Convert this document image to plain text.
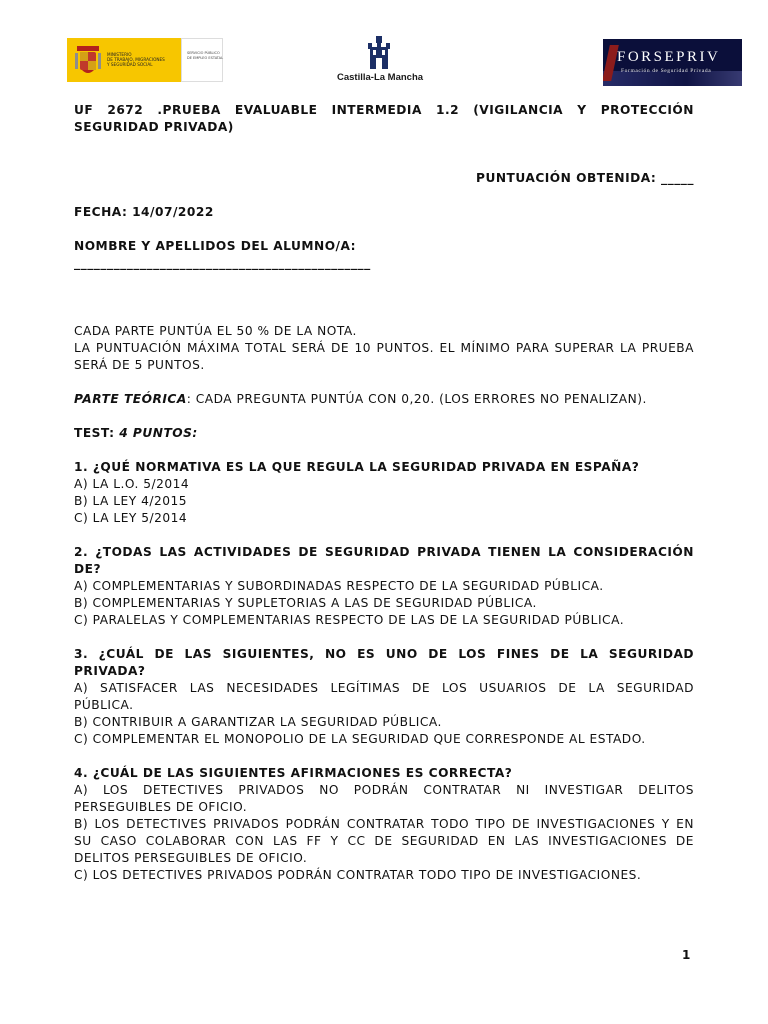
MINISTERIO
DE TRABAJO, MIGRACIONES
Y SEGURIDAD SOCIAL
SERVICIO PÚBLICO
DE EMPLEO ESTATAL
Castilla-La Mancha
FORSEPRIV
Formación de Seguridad Privada

UF 2672 .PRUEBA EVALUABLE INTERMEDIA 1.2 (VIGILANCIA Y PROTECCIÓN

SEGURIDAD PRIVADA)

PUNTUACIÓN OBTENIDA: _____

FECHA: 14/07/2022

NOMBRE Y APELLIDOS DEL ALUMNO/A:

_____________________________________________

CADA PARTE PUNTÚA EL 50 % DE LA NOTA.

LA PUNTUACIÓN MÁXIMA TOTAL SERÁ DE 10 PUNTOS. EL MÍNIMO PARA SUPERAR LA PRUEBA

SERÁ DE 5 PUNTOS.

PARTE TEÓRICA: CADA PREGUNTA PUNTÚA CON 0,20. (LOS ERRORES NO PENALIZAN).

TEST: 4 PUNTOS:

1. ¿QUÉ NORMATIVA ES LA QUE REGULA LA SEGURIDAD PRIVADA EN ESPAÑA?

A) LA L.O. 5/2014

B) LA LEY 4/2015

C) LA LEY 5/2014

2. ¿TODAS LAS ACTIVIDADES DE SEGURIDAD PRIVADA TIENEN LA CONSIDERACIÓN

DE?

A) COMPLEMENTARIAS Y SUBORDINADAS RESPECTO DE LA SEGURIDAD PÚBLICA.

B) COMPLEMENTARIAS Y SUPLETORIAS A LAS DE SEGURIDAD PÚBLICA.

C) PARALELAS Y COMPLEMENTARIAS RESPECTO DE LAS DE LA SEGURIDAD PÚBLICA.

3. ¿CUÁL DE LAS SIGUIENTES, NO ES UNO DE LOS FINES DE LA SEGURIDAD

PRIVADA?

A) SATISFACER LAS NECESIDADES LEGÍTIMAS DE LOS USUARIOS DE LA SEGURIDAD

PÚBLICA.

B) CONTRIBUIR A GARANTIZAR LA SEGURIDAD PÚBLICA.

C) COMPLEMENTAR EL MONOPOLIO DE LA SEGURIDAD QUE CORRESPONDE AL ESTADO.

4. ¿CUÁL DE LAS SIGUIENTES AFIRMACIONES ES CORRECTA?

A) LOS DETECTIVES PRIVADOS NO PODRÁN CONTRATAR NI INVESTIGAR DELITOS

PERSEGUIBLES DE OFICIO.

B) LOS DETECTIVES PRIVADOS PODRÁN CONTRATAR TODO TIPO DE INVESTIGACIONES Y EN

SU CASO COLABORAR CON LAS FF Y CC DE SEGURIDAD EN LAS INVESTIGACIONES DE

DELITOS PERSEGUIBLES DE OFICIO.

C) LOS DETECTIVES PRIVADOS PODRÁN CONTRATAR TODO TIPO DE INVESTIGACIONES.

1
